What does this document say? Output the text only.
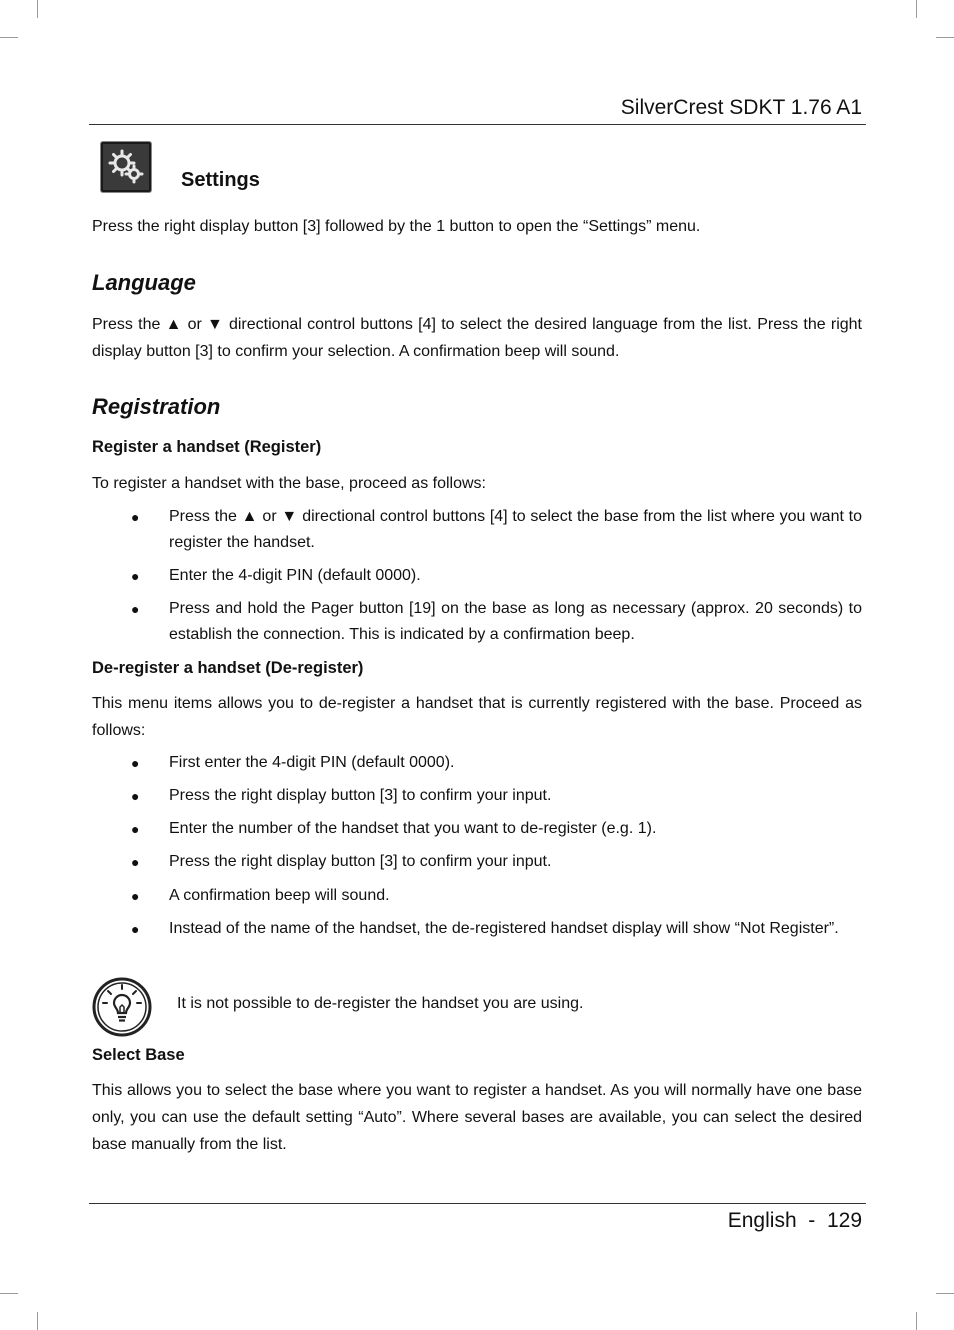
SilverCrest SDKT 1.76 A1
Settings
Press the right display button [3] followed by the 1 button to open the “Settings” menu.
Language
Press the ▲ or ▼ directional control buttons [4] to select the desired language from the list. Press the right display button [3] to confirm your selection. A confirmation beep will sound.
Registration
Register a handset (Register)
To register a handset with the base, proceed as follows:
● Press the ▲ or ▼ directional control buttons [4] to select the base from the list where you want to register the handset.
● Enter the 4-digit PIN (default 0000).
● Press and hold the Pager button [19] on the base as long as necessary (approx. 20 seconds) to establish the connection. This is indicated by a confirmation beep.
De-register a handset (De-register)
This menu items allows you to de-register a handset that is currently registered with the base. Proceed as follows:
● First enter the 4-digit PIN (default 0000).
● Press the right display button [3] to confirm your input.
● Enter the number of the handset that you want to de-register (e.g. 1).
● Press the right display button [3] to confirm your input.
● A confirmation beep will sound.
● Instead of the name of the handset, the de-registered handset display will show “Not Register”.
It is not possible to de-register the handset you are using.
Select Base
This allows you to select the base where you want to register a handset. As you will normally have one base only, you can use the default setting “Auto”. Where several bases are available, you can select the desired base manually from the list.
English  -  129
